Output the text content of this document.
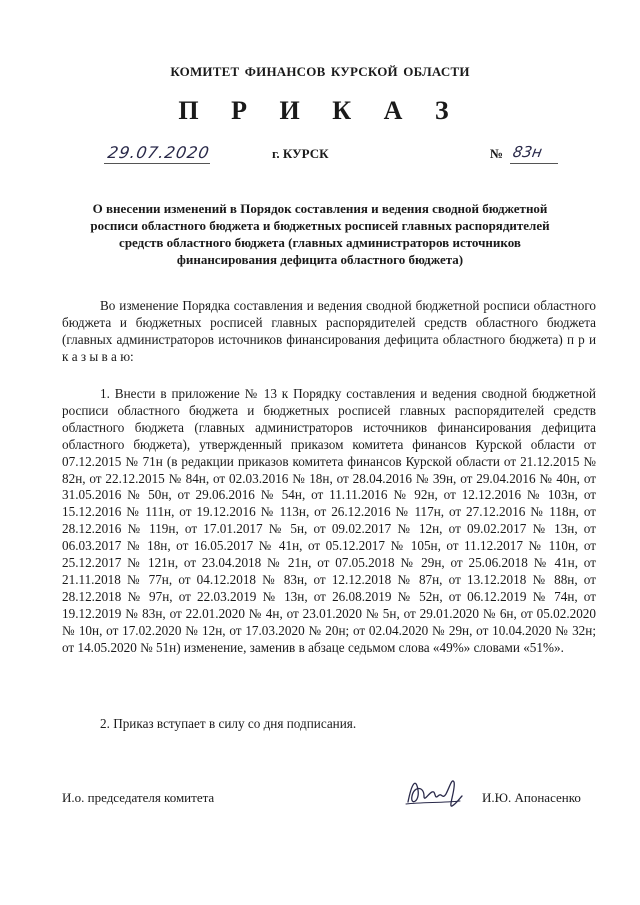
КОМИТЕТ ФИНАНСОВ КУРСКОЙ ОБЛАСТИ
П Р И К А З
29.07.2020	г. КУРСК	№ 83н
О внесении изменений в Порядок составления и ведения сводной бюджетной росписи областного бюджета и бюджетных росписей главных распорядителей средств областного бюджета (главных администраторов источников финансирования дефицита областного бюджета)

Во изменение Порядка составления и ведения сводной бюджетной росписи областного бюджета и бюджетных росписей главных распорядителей средств областного бюджета (главных администраторов источников финансирования дефицита областного бюджета) п р и к а з ы в а ю:

1. Внести в приложение № 13 к Порядку составления и ведения сводной бюджетной росписи областного бюджета и бюджетных росписей главных распорядителей средств областного бюджета (главных администраторов источников финансирования дефицита областного бюджета), утвержденный приказом комитета финансов Курской области от 07.12.2015 № 71н (в редакции приказов комитета финансов Курской области от 21.12.2015 № 82н, от 22.12.2015 № 84н, от 02.03.2016 № 18н, от 28.04.2016 № 39н, от 29.04.2016 № 40н, от 31.05.2016 № 50н, от 29.06.2016 № 54н, от 11.11.2016 № 92н, от 12.12.2016 № 103н, от 15.12.2016 № 111н, от 19.12.2016 № 113н, от 26.12.2016 № 117н, от 27.12.2016 № 118н, от 28.12.2016 № 119н, от 17.01.2017 № 5н, от 09.02.2017 № 12н, от 09.02.2017 № 13н, от 06.03.2017 № 18н, от 16.05.2017 № 41н, от 05.12.2017 № 105н, от 11.12.2017 № 110н, от 25.12.2017 № 121н, от 23.04.2018 № 21н, от 07.05.2018 № 29н, от 25.06.2018 № 41н, от 21.11.2018 № 77н, от 04.12.2018 № 83н, от 12.12.2018 № 87н, от 13.12.2018 № 88н, от 28.12.2018 № 97н, от 22.03.2019 № 13н, от 26.08.2019 № 52н, от 06.12.2019 № 74н, от 19.12.2019 № 83н, от 22.01.2020 № 4н, от 23.01.2020 № 5н, от 29.01.2020 № 6н, от 05.02.2020 № 10н, от 17.02.2020 № 12н, от 17.03.2020 № 20н; от 02.04.2020 № 29н, от 10.04.2020 № 32н; от 14.05.2020 № 51н) изменение, заменив в абзаце седьмом слова «49%» словами «51%».

2. Приказ вступает в силу со дня подписания.

И.о. председателя комитета	И.Ю. Апонасенко
